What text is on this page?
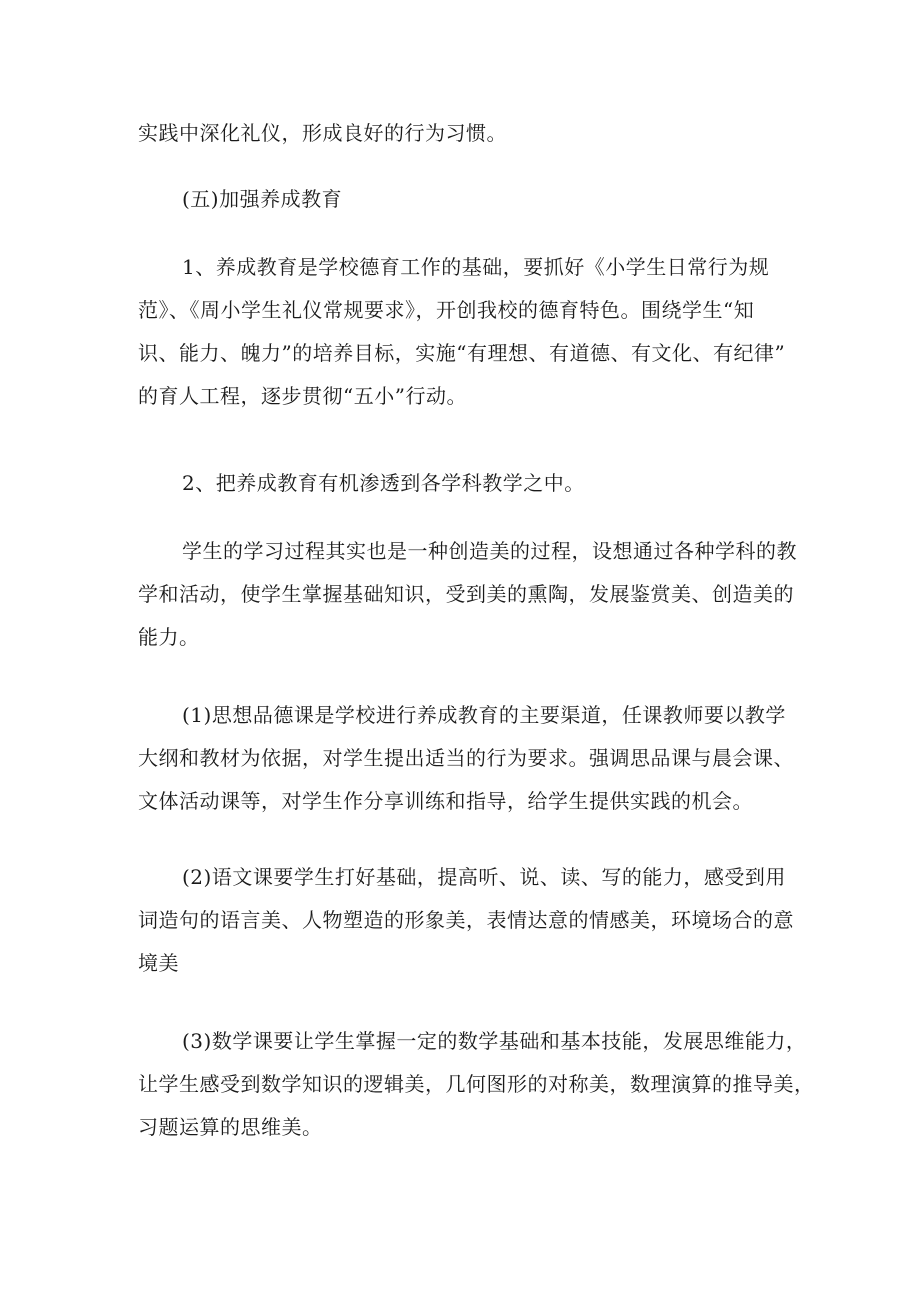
实践中深化礼仪，形成良好的行为习惯。
(五)加强养成教育
1、养成教育是学校德育工作的基础，要抓好《小学生日常行为规
范》、《周小学生礼仪常规要求》，开创我校的德育特色。围绕学生“知
识、能力、魄力”的培养目标，实施“有理想、有道德、有文化、有纪律”
的育人工程，逐步贯彻“五小”行动。
2、把养成教育有机渗透到各学科教学之中。
学生的学习过程其实也是一种创造美的过程，设想通过各种学科的教
学和活动，使学生掌握基础知识，受到美的熏陶，发展鉴赏美、创造美的
能力。
(1)思想品德课是学校进行养成教育的主要渠道，任课教师要以教学
大纲和教材为依据，对学生提出适当的行为要求。强调思品课与晨会课、
文体活动课等，对学生作分享训练和指导，给学生提供实践的机会。
(2)语文课要学生打好基础，提高听、说、读、写的能力，感受到用
词造句的语言美、人物塑造的形象美，表情达意的情感美，环境场合的意
境美
(3)数学课要让学生掌握一定的数学基础和基本技能，发展思维能力，
让学生感受到数学知识的逻辑美，几何图形的对称美，数理演算的推导美，
习题运算的思维美。
